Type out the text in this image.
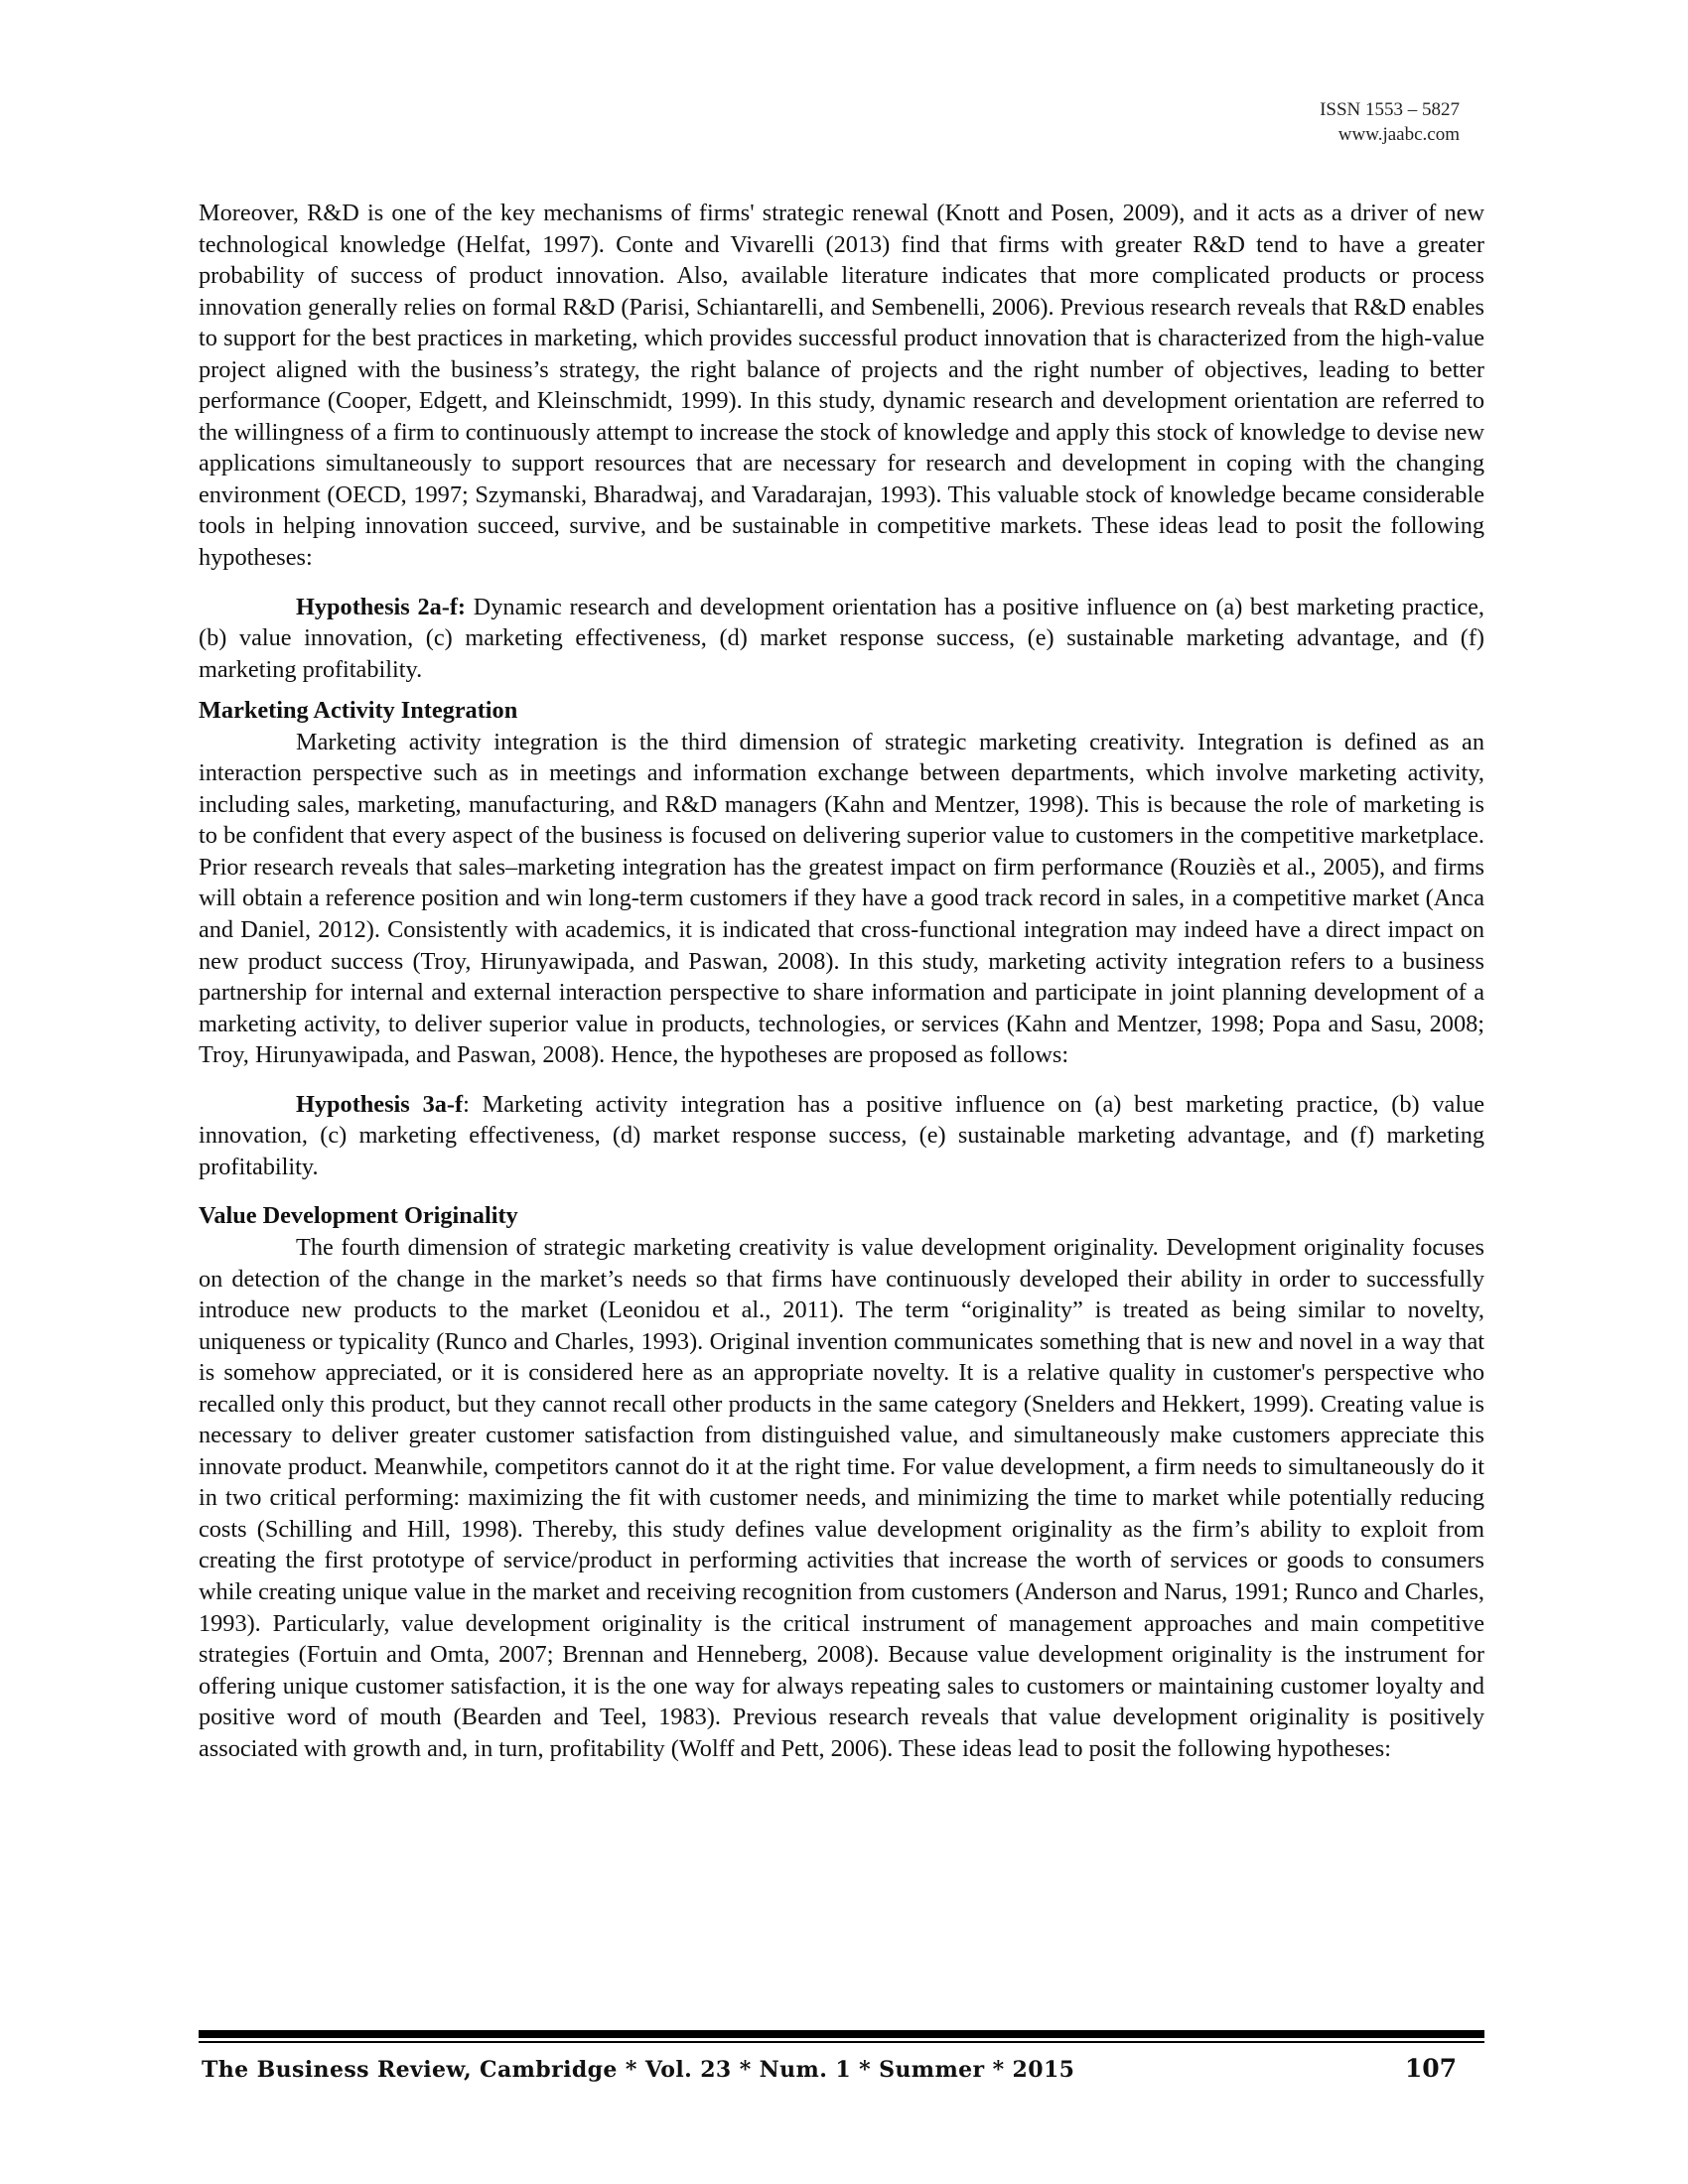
ISSN 1553 – 5827
www.jaabc.com

Moreover, R&D is one of the key mechanisms of firms' strategic renewal (Knott and Posen, 2009), and it acts as a driver of new technological knowledge (Helfat, 1997). Conte and Vivarelli (2013) find that firms with greater R&D tend to have a greater probability of success of product innovation. Also, available literature indicates that more complicated products or process innovation generally relies on formal R&D (Parisi, Schiantarelli, and Sembenelli, 2006). Previous research reveals that R&D enables to support for the best practices in marketing, which provides successful product innovation that is characterized from the high-value project aligned with the business’s strategy, the right balance of projects and the right number of objectives, leading to better performance (Cooper, Edgett, and Kleinschmidt, 1999). In this study, dynamic research and development orientation are referred to the willingness of a firm to continuously attempt to increase the stock of knowledge and apply this stock of knowledge to devise new applications simultaneously to support resources that are necessary for research and development in coping with the changing environment (OECD, 1997; Szymanski, Bharadwaj, and Varadarajan, 1993). This valuable stock of knowledge became considerable tools in helping innovation succeed, survive, and be sustainable in competitive markets. These ideas lead to posit the following hypotheses:

Hypothesis 2a-f: Dynamic research and development orientation has a positive influence on (a) best marketing practice, (b) value innovation, (c) marketing effectiveness, (d) market response success, (e) sustainable marketing advantage, and (f) marketing profitability.

Marketing Activity Integration

Marketing activity integration is the third dimension of strategic marketing creativity. Integration is defined as an interaction perspective such as in meetings and information exchange between departments, which involve marketing activity, including sales, marketing, manufacturing, and R&D managers (Kahn and Mentzer, 1998). This is because the role of marketing is to be confident that every aspect of the business is focused on delivering superior value to customers in the competitive marketplace. Prior research reveals that sales–marketing integration has the greatest impact on firm performance (Rouziès et al., 2005), and firms will obtain a reference position and win long-term customers if they have a good track record in sales, in a competitive market (Anca and Daniel, 2012). Consistently with academics, it is indicated that cross-functional integration may indeed have a direct impact on new product success (Troy, Hirunyawipada, and Paswan, 2008). In this study, marketing activity integration refers to a business partnership for internal and external interaction perspective to share information and participate in joint planning development of a marketing activity, to deliver superior value in products, technologies, or services (Kahn and Mentzer, 1998; Popa and Sasu, 2008; Troy, Hirunyawipada, and Paswan, 2008). Hence, the hypotheses are proposed as follows:

Hypothesis 3a-f: Marketing activity integration has a positive influence on (a) best marketing practice, (b) value innovation, (c) marketing effectiveness, (d) market response success, (e) sustainable marketing advantage, and (f) marketing profitability.

Value Development Originality

The fourth dimension of strategic marketing creativity is value development originality. Development originality focuses on detection of the change in the market’s needs so that firms have continuously developed their ability in order to successfully introduce new products to the market (Leonidou et al., 2011). The term “originality” is treated as being similar to novelty, uniqueness or typicality (Runco and Charles, 1993). Original invention communicates something that is new and novel in a way that is somehow appreciated, or it is considered here as an appropriate novelty. It is a relative quality in customer's perspective who recalled only this product, but they cannot recall other products in the same category (Snelders and Hekkert, 1999). Creating value is necessary to deliver greater customer satisfaction from distinguished value, and simultaneously make customers appreciate this innovate product. Meanwhile, competitors cannot do it at the right time. For value development, a firm needs to simultaneously do it in two critical performing: maximizing the fit with customer needs, and minimizing the time to market while potentially reducing costs (Schilling and Hill, 1998). Thereby, this study defines value development originality as the firm’s ability to exploit from creating the first prototype of service/product in performing activities that increase the worth of services or goods to consumers while creating unique value in the market and receiving recognition from customers (Anderson and Narus, 1991; Runco and Charles, 1993). Particularly, value development originality is the critical instrument of management approaches and main competitive strategies (Fortuin and Omta, 2007; Brennan and Henneberg, 2008). Because value development originality is the instrument for offering unique customer satisfaction, it is the one way for always repeating sales to customers or maintaining customer loyalty and positive word of mouth (Bearden and Teel, 1983). Previous research reveals that value development originality is positively associated with growth and, in turn, profitability (Wolff and Pett, 2006). These ideas lead to posit the following hypotheses:

The Business Review, Cambridge * Vol. 23 * Num. 1 * Summer * 2015	107
